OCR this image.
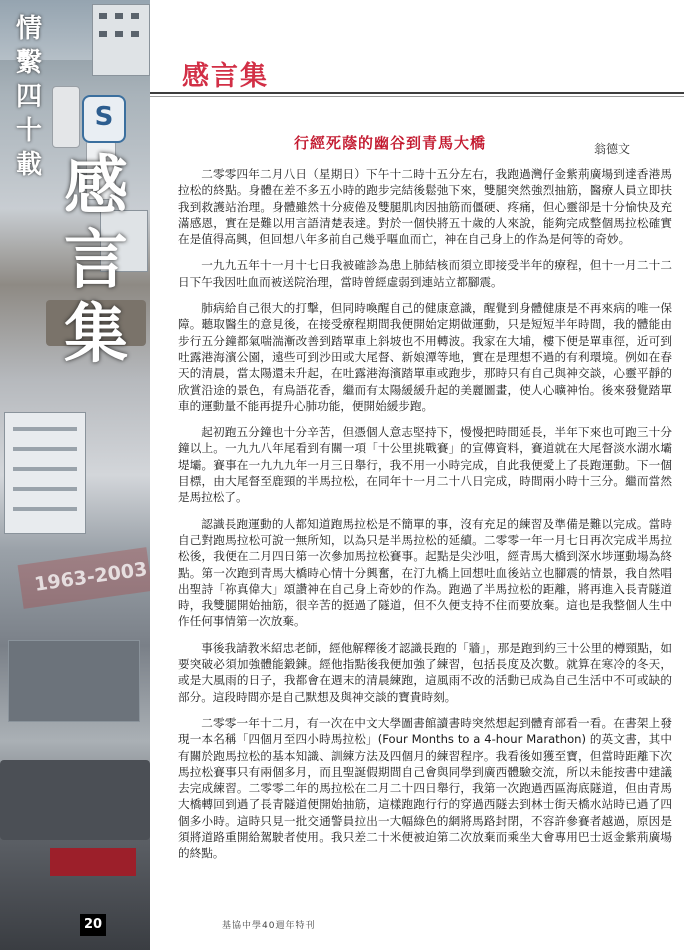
S
1963-2003
情
繫
四
十
載 感
言
集
20
感言集
行經死蔭的幽谷到青馬大橋	翁德文

二零零四年二月八日（星期日）下午十二時十五分左右，我跑過灣仔金紫荊廣場到達香港馬拉松的終點。身體在差不多五小時的跑步完結後鬆弛下來，雙腿突然強烈抽筋，醫療人員立即扶我到救護站治理。身體雖然十分疲倦及雙腿肌肉因抽筋而僵硬、疼痛，但心靈卻是十分愉快及充滿感恩，實在是難以用言語清楚表達。對於一個快將五十歲的人來說，能夠完成整個馬拉松確實在是值得高興，但回想八年多前自己幾乎嘔血而亡，神在自己身上的作為是何等的奇妙。

一九九五年十一月十七日我被確診為患上肺結核而須立即接受半年的療程，但十一月二十二日下午我因吐血而被送院治理，當時曾經虛弱到連站立都腳震。

肺病給自己很大的打擊，但同時喚醒自己的健康意識，醒覺到身體健康是不再來病的唯一保障。聽取醫生的意見後，在接受療程期間我便開始定期做運動，只是短短半年時間，我的體能由步行五分鐘都氣喘湍漸改善到踏單車上斜坡也不用轉波。我家在大埔，樓下便是單車徑，近可到吐露港海濱公園，遠些可到沙田或大尾督、新娘潭等地，實在是理想不過的有利環境。例如在春天的清晨，當太陽還未升起，在吐露港海濱踏單車或跑步，那時只有自己與神交談，心靈平靜的欣賞沿途的景色，有鳥語花香，繼而有太陽緩緩升起的美麗圖畫，使人心曠神怡。後來發覺踏單車的運動量不能再提升心肺功能，便開始緩步跑。

起初跑五分鐘也十分辛苦，但憑個人意志堅持下，慢慢把時間延長，半年下來也可跑三十分鐘以上。一九九八年尾看到有關一項「十公里挑戰賽」的宣傳資料，賽道就在大尾督淡水湖水壩堤壩。賽事在一九九九年一月三日舉行，我不用一小時完成，自此我便愛上了長跑運動。下一個目標，由大尾督至鹿頸的半馬拉松，在同年十一月二十八日完成，時間兩小時十三分。繼而當然是馬拉松了。

認識長跑運動的人都知道跑馬拉松是不簡單的事，沒有充足的練習及準備是難以完成。當時自己對跑馬拉松可說一無所知，以為只是半馬拉松的延續。二零零一年一月七日再次完成半馬拉松後，我便在二月四日第一次參加馬拉松賽事。起點是尖沙咀，經青馬大橋到深水埗運動場為終點。第一次跑到青馬大橋時心情十分興奮，在汀九橋上回想吐血後站立也腳震的情景，我自然唱出聖詩「祢真偉大」頌讚神在自己身上奇妙的作為。跑過了半馬拉松的距離，將再進入長青隧道時，我雙腿開始抽筋，很辛苦的挺過了隧道，但不久便支持不住而要放棄。這也是我整個人生中作任何事情第一次放棄。

事後我請教米紹忠老師，經他解釋後才認識長跑的「牆」，那是跑到約三十公里的樽頸點，如要突破必須加強體能鍛鍊。經他指點後我便加強了練習，包括長度及次數。就算在寒冷的冬天，或是大風雨的日子，我都會在週末的清晨練跑，這風雨不改的活動已成為自己生活中不可或缺的部分。這段時間亦是自己默想及與神交談的寶貴時刻。

二零零一年十二月，有一次在中文大學圖書館讀書時突然想起到體育部看一看。在書架上發現一本名稱「四個月至四小時馬拉松」(Four Months to a 4-hour Marathon) 的英文書，其中有關於跑馬拉松的基本知識、訓練方法及四個月的練習程序。我看後如獲至寶，但當時距離下次馬拉松賽事只有兩個多月，而且聖誕假期間自己會與同學到廣西體驗交流，所以未能按書中建議去完成練習。二零零二年的馬拉松在二月二十四日舉行，我第一次跑過西區海底隧道，但由青馬大橋轉回到過了長青隧道便開始抽筋，這樣跑跑行行的穿過西隧去到林士街天橋水站時已過了四個多小時。這時只見一批交通警員拉出一大幅綠色的網將馬路封閉，不容許參賽者越過，原因是須將道路重開給駕駛者使用。我只差二十米便被迫第二次放棄而乘坐大會專用巴士返金紫荊廣場的終點。

基協中學40週年特刊
